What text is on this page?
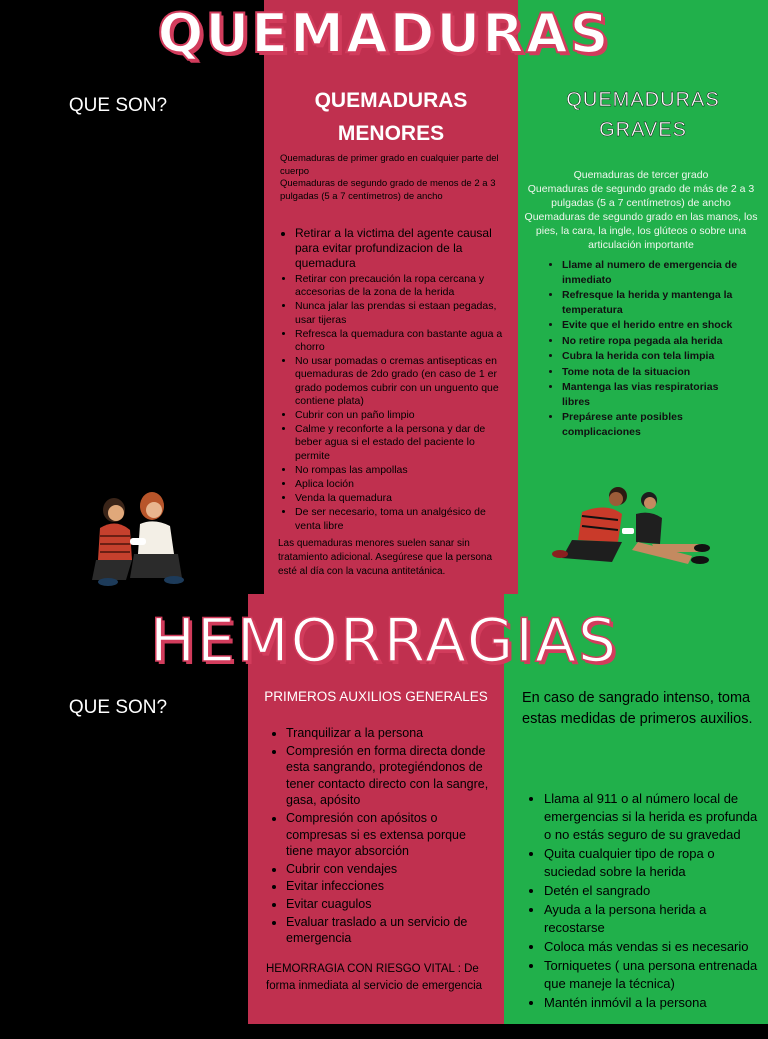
QUEMADURAS
QUE SON?

Las quemaduras son daños al tejido causados por calor, sustancias quimicas, electricidad, luz del sol o radiación nuclear

Las quemaduras más frecuentes son aquellas causadas por liquido o vapor caliente, incendios de edificios, y liquidos y gases inflamables.

Pueden provocar muerte celular, lo que puede requerir hospitalización y causar la muerte.

• Usted puede tener más de un tipo de quemadura al mismo tiempo.

En el siguiente informe le enseñaremos como actuar ante una emergencia en quemaduras

QUEMADURAS
MENORES
Quemaduras de primer grado en cualquier parte del cuerpo
Quemaduras de segundo grado de menos de 2 a 3 pulgadas (5 a 7 centímetros) de ancho
• Retirar a la victima del agente causal para evitar profundizacion de la quemadura
• Retirar con precaución la ropa cercana y accesorias de la zona de la herida
• Nunca jalar las prendas si estaan pegadas, usar tijeras
• Refresca la quemadura con bastante agua a chorro
• No usar pomadas o cremas antisepticas en quemaduras de 2do grado (en caso de 1 er grado podemos cubrir con un unguento que contiene plata)
• Cubrir con un paño limpio
• Calme y reconforte a la persona y dar de beber agua si el estado del paciente lo permite
• No rompas las ampollas
• Aplica loción
• Venda la quemadura
• De ser necesario, toma un analgésico de venta libre
Las quemaduras menores suelen sanar sin tratamiento adicional. Asegúrese que la persona esté al día con la vacuna antitetánica.
QUEMADURAS
GRAVES
Quemaduras de tercer grado
Quemaduras de segundo grado de más de 2 a 3 pulgadas (5 a 7 centímetros) de ancho
Quemaduras de segundo grado en las manos, los pies, la cara, la ingle, los glúteos o sobre una articulación importante
• Llame al numero de emergencia de inmediato
• Refresque la herida y mantenga la temperatura
• Evite que el herido entre en shock
• No retire ropa pegada ala herida
• Cubra la herida con tela limpia
• Tome nota de la situacion
• Mantenga las vias respiratorias libres
• Prepárese ante posibles complicaciones
HEMORRAGIAS
QUE SON?

El sangrado o hemorragia es la pérdida de sangre. Puede ser externo o dentro del cuerpo.
Usted puede sangrar al hacerse un corte o una herida. También puede ocurrir cuando sufre una lesión en un órgano interno

Tenemos 3 tipos de Hemorragias:
Arterial:
• Salida intermitente de sangre
• color roja brillante
Venosa:
• Salida continua
• Color roja obscura
Capilar: mas comunes
• Poca cantidad de sangre
• color roja
PRIMEROS AUXILIOS GENERALES
• Tranquilizar a la persona
• Compresión en forma directa donde esta sangrando, protegiéndonos de tener contacto directo con la sangre, gasa, apósito
• Compresión con apósitos o compresas si es extensa porque tiene mayor absorción
• Cubrir con vendajes
• Evitar infecciones
• Evitar cuagulos
• Evaluar traslado a un servicio de emergencia
HEMORRAGIA CON RIESGO VITAL : De forma inmediata al servicio de emergencia
En caso de sangrado intenso, toma estas medidas de primeros auxilios.
• Llama al 911 o al número local de emergencias si la herida es profunda o no estás seguro de su gravedad
• Quita cualquier tipo de ropa o suciedad sobre la herida
• Detén el sangrado
• Ayuda a la persona herida a recostarse
• Coloca más vendas si es necesario
• Torniquetes ( una persona entrenada que maneje la técnica)
• Mantén inmóvil a la persona
